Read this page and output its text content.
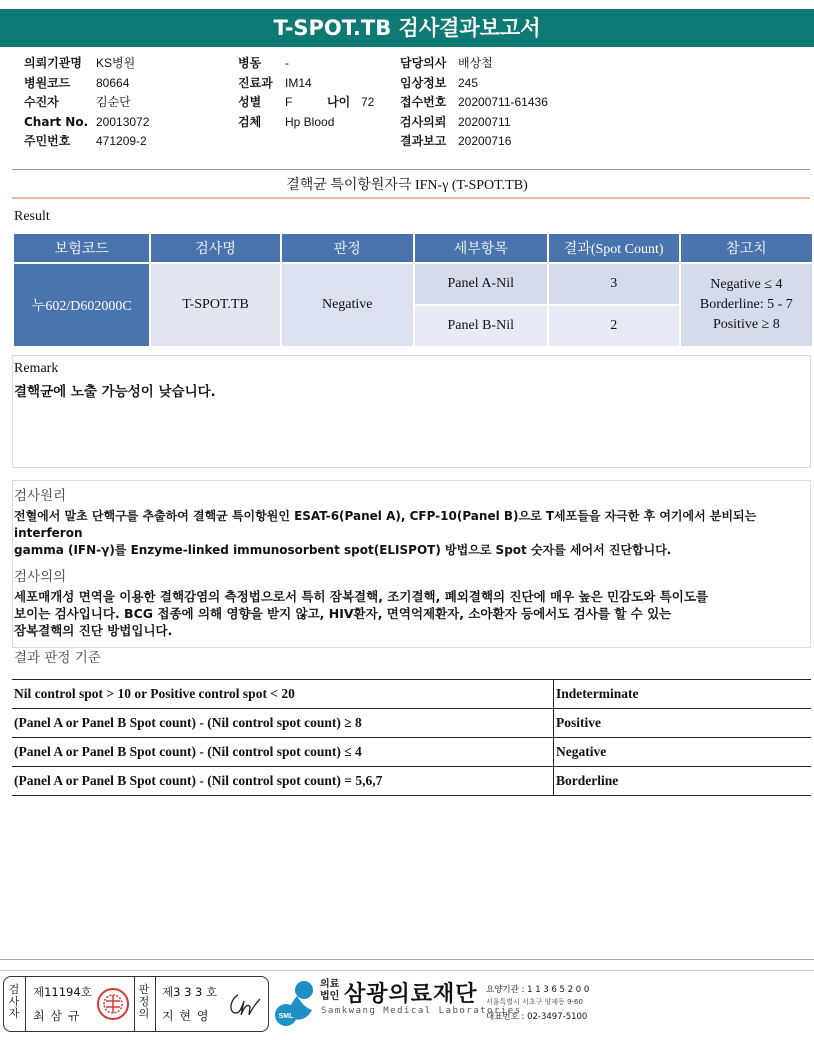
T-SPOT.TB 검사결과보고서
의뢰기관명 KS병원
병원코드 80664
수진자	김순단
Chart No. 20013072
주민번호 471209-2
병동 -
진료과 IM14
성별 F	나이 72
검체 Hp Blood
담당의사 배상철
임상정보 245
접수번호 20200711-61436
검사의뢰 20200711
결과보고 20200716
결핵균 특이항원자극 IFN-γ (T-SPOT.TB)
Result
보험코드	검사명	판정	세부항목	결과(Spot Count)	참고치

누602/D602000C	T-SPOT.TB	Negative	Panel A-Nil	3	Negative ≤ 4
Borderline: 5 - 7
Positive ≥ 8

			Panel B-Nil	2	
Remark
결핵균에 노출 가능성이 낮습니다.
검사원리
전혈에서 말초 단핵구를 추출하여 결핵균 특이항원인 ESAT-6(Panel A), CFP-10(Panel B)으로 T세포들을 자극한 후 여기에서 분비되는 interferon
gamma (IFN-γ)를 Enzyme-linked immunosorbent spot(ELISPOT) 방법으로 Spot 숫자를 세어서 진단합니다.
검사의의
세포매개성 면역을 이용한 결핵감염의 측정법으로서 특히 잠복결핵, 조기결핵, 폐외결핵의 진단에 매우 높은 민감도와 특이도를
보이는 검사입니다. BCG 접종에 의해 영향을 받지 않고, HIV환자, 면역억제환자, 소아환자 등에서도 검사를 할 수 있는
잠복결핵의 진단 방법입니다.
결과 판정 기준
Nil control spot > 10 or Positive control spot < 20	Indeterminate
(Panel A or Panel B Spot count) - (Nil control spot count) ≥ 8	Positive
(Panel A or Panel B Spot count) - (Nil control spot count) ≤ 4	Negative
(Panel A or Panel B Spot count) - (Nil control spot count) = 5,6,7	Borderline
검사자
제11194호
최 삼 규
판정의
제3 3 3 호
지 현 영	SML
의료법인 삼광의료재단
Samkwang Medical Laboratories
요양기관 : 1 1 3 6 5 2 0 0
서울특별시 서초구 양재동 9-60
대표번호 : 02-3497-5100
